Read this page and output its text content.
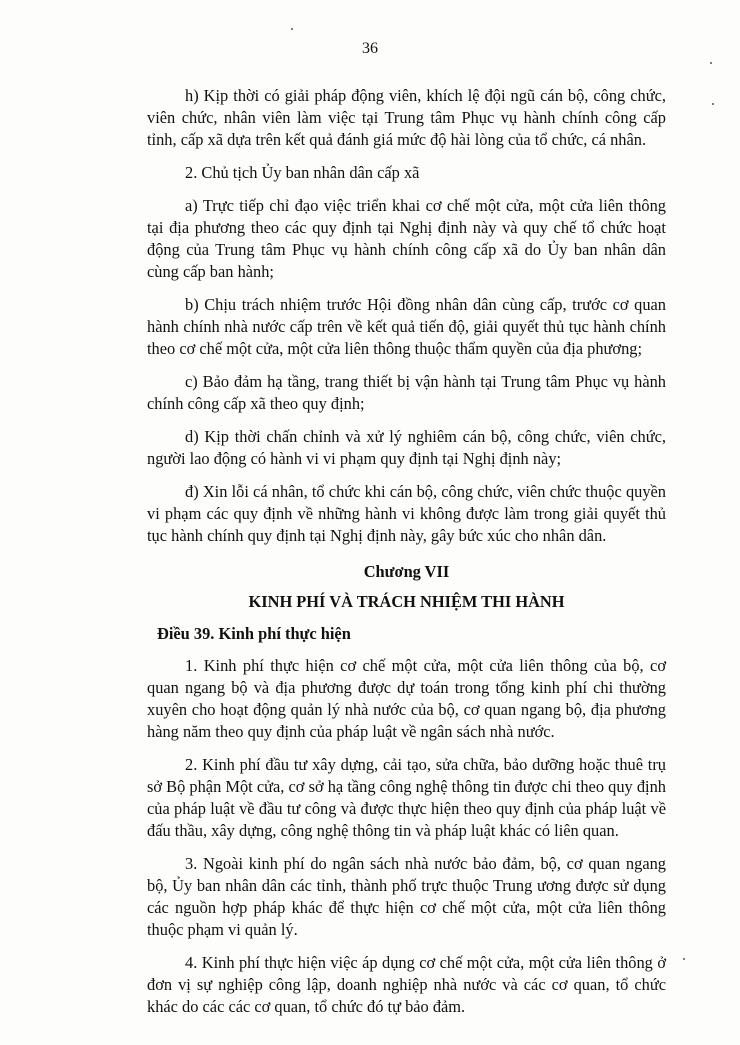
36

h) Kịp thời có giải pháp động viên, khích lệ đội ngũ cán bộ, công chức, viên chức, nhân viên làm việc tại Trung tâm Phục vụ hành chính công cấp tỉnh, cấp xã dựa trên kết quả đánh giá mức độ hài lòng của tổ chức, cá nhân.

2. Chủ tịch Ủy ban nhân dân cấp xã

a) Trực tiếp chỉ đạo việc triển khai cơ chế một cửa, một cửa liên thông tại địa phương theo các quy định tại Nghị định này và quy chế tổ chức hoạt động của Trung tâm Phục vụ hành chính công cấp xã do Ủy ban nhân dân cùng cấp ban hành;

b) Chịu trách nhiệm trước Hội đồng nhân dân cùng cấp, trước cơ quan hành chính nhà nước cấp trên về kết quả tiến độ, giải quyết thủ tục hành chính theo cơ chế một cửa, một cửa liên thông thuộc thẩm quyền của địa phương;

c) Bảo đảm hạ tầng, trang thiết bị vận hành tại Trung tâm Phục vụ hành chính công cấp xã theo quy định;

d) Kịp thời chấn chỉnh và xử lý nghiêm cán bộ, công chức, viên chức, người lao động có hành vi vi phạm quy định tại Nghị định này;

đ) Xin lỗi cá nhân, tổ chức khi cán bộ, công chức, viên chức thuộc quyền vi phạm các quy định về những hành vi không được làm trong giải quyết thủ tục hành chính quy định tại Nghị định này, gây bức xúc cho nhân dân.

Chương VII

KINH PHÍ VÀ TRÁCH NHIỆM THI HÀNH

Điều 39. Kinh phí thực hiện

1. Kinh phí thực hiện cơ chế một cửa, một cửa liên thông của bộ, cơ quan ngang bộ và địa phương được dự toán trong tổng kinh phí chi thường xuyên cho hoạt động quản lý nhà nước của bộ, cơ quan ngang bộ, địa phương hàng năm theo quy định của pháp luật về ngân sách nhà nước.

2. Kinh phí đầu tư xây dựng, cải tạo, sửa chữa, bảo dưỡng hoặc thuê trụ sở Bộ phận Một cửa, cơ sở hạ tầng công nghệ thông tin được chi theo quy định của pháp luật về đầu tư công và được thực hiện theo quy định của pháp luật về đấu thầu, xây dựng, công nghệ thông tin và pháp luật khác có liên quan.

3. Ngoài kinh phí do ngân sách nhà nước bảo đảm, bộ, cơ quan ngang bộ, Ủy ban nhân dân các tỉnh, thành phố trực thuộc Trung ương được sử dụng các nguồn hợp pháp khác để thực hiện cơ chế một cửa, một cửa liên thông thuộc phạm vi quản lý.

4. Kinh phí thực hiện việc áp dụng cơ chế một cửa, một cửa liên thông ở đơn vị sự nghiệp công lập, doanh nghiệp nhà nước và các cơ quan, tổ chức khác do các các cơ quan, tổ chức đó tự bảo đảm.
